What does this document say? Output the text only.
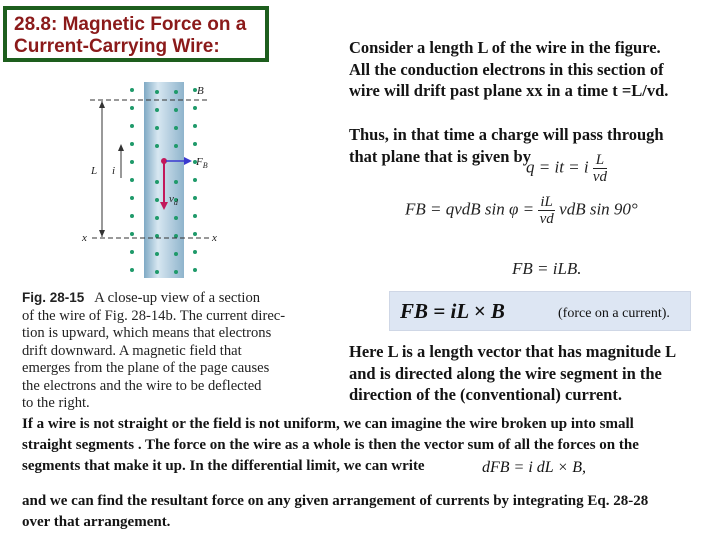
28.8: Magnetic Force on a
Current-Carrying Wire:
x	x
L i
$F_B$
$v_d$
B
Fig. 28-15 A close-up view of a section
of the wire of Fig. 28-14b. The current direc-
tion is upward, which means that electrons
drift downward. A magnetic field that
emerges from the plane of the page causes
the electrons and the wire to be deflected
to the right.
Consider a length L of the wire in the figure.
All the conduction electrons in this section of
wire will drift past plane xx in a time t =L/vd.
Thus, in that time a charge will pass through
that plane that is given by
q = it = i $\frac{L}{vd}$
FB = qvdB $\sin \varphi = \frac{iL}{vd}$ vdB sin 90°
FB = iLB.
FB = iL × B	(force on a current).
Here L is a length vector that has magnitude L
and is directed along the wire segment in the
direction of the (conventional) current.
If a wire is not straight or the field is not uniform, we can imagine the wire broken up into small
straight segments . The force on the wire as a whole is then the vector sum of all the forces on the
segments that make it up. In the differential limit, we can write	dFB = i dL × B,
and we can find the resultant force on any given arrangement of currents by integrating Eq. 28-28
over that arrangement.
